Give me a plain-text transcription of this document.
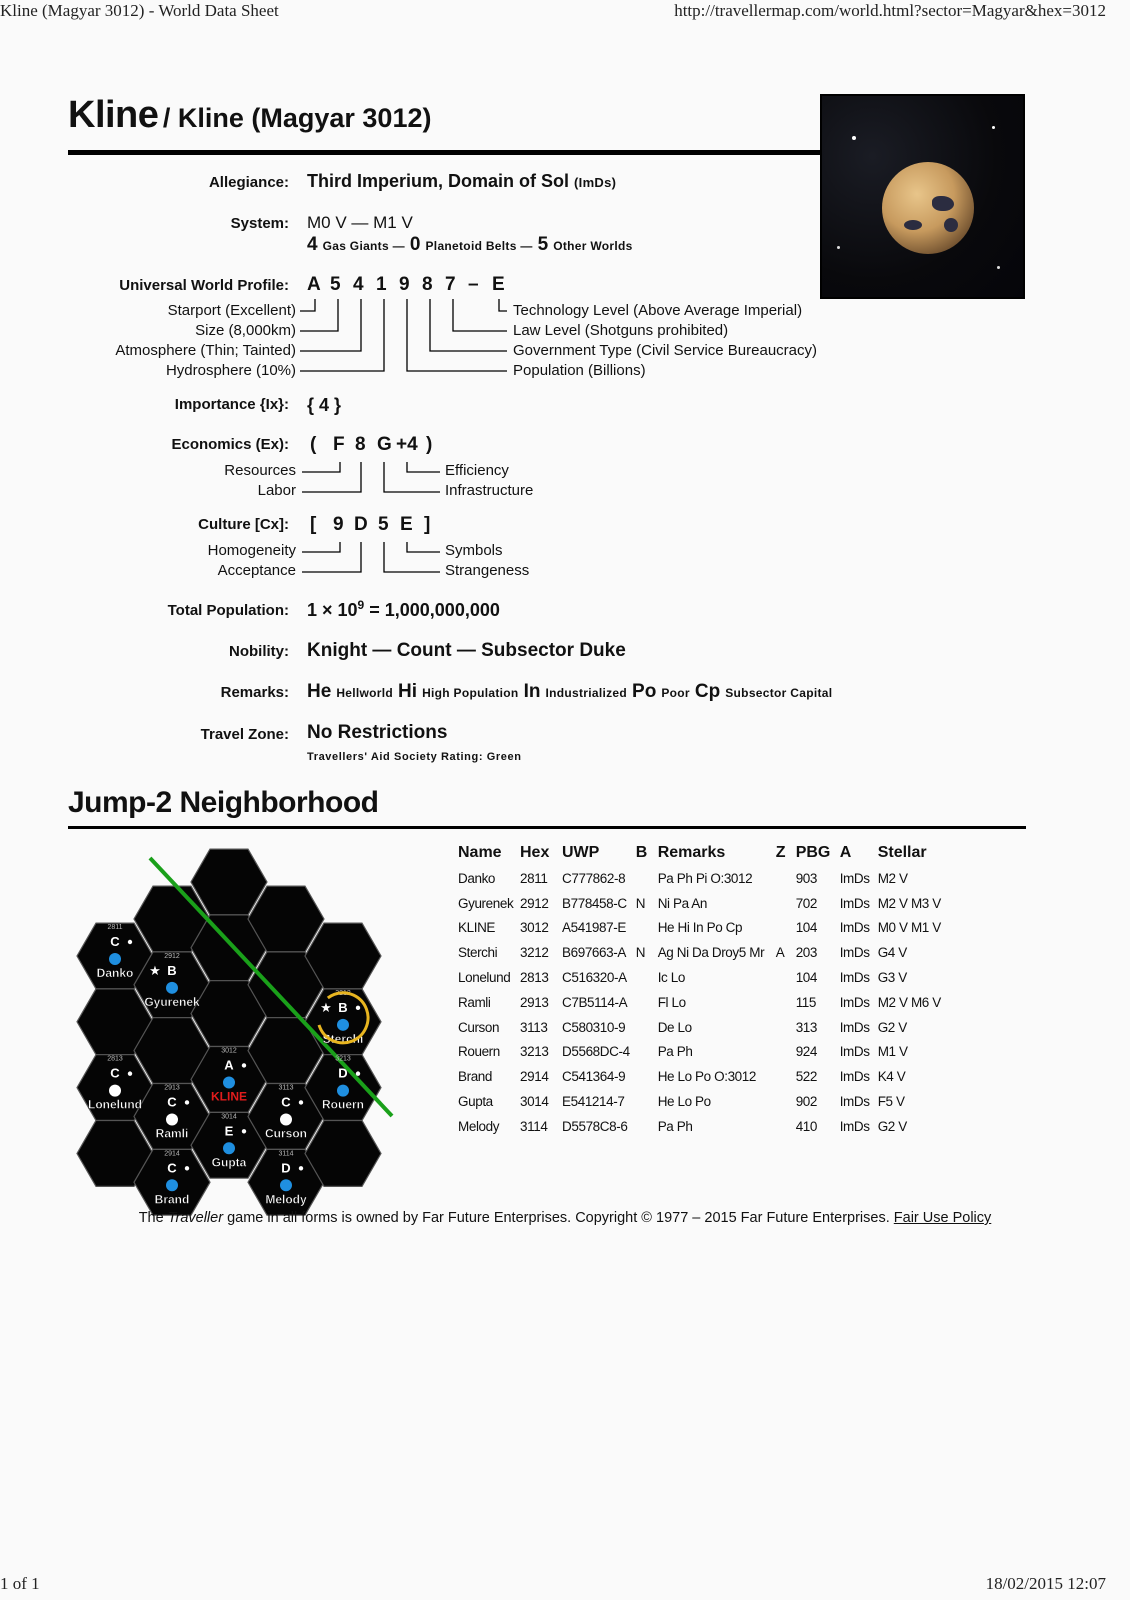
Kline (Magyar 3012) - World Data Sheet	http://travellermap.com/world.html?sector=Magyar&hex=3012
1 of 1	18/02/2015 12:07
Kline / Kline (Magyar 3012)
Allegiance: Third Imperium, Domain of Sol (ImDs)
System: M0 V — M1 V
4 Gas Giants — 0 Planetoid Belts — 5 Other Worlds
Universal World Profile: A 5 4 1 9 8 7 – E
Starport (Excellent)
Size (8,000km)
Atmosphere (Thin; Tainted)
Hydrosphere (10%)
Technology Level (Above Average Imperial)
Law Level (Shotguns prohibited)
Government Type (Civil Service Bureaucracy)
Population (Billions)
Importance {Ix}: { 4 }
Economics (Ex): ( F 8 G +4 )
Resources
Labor
Efficiency
Infrastructure
Culture [Cx]: [ 9 D 5 E ]
Homogeneity
Acceptance
Symbols
Strangeness
Total Population: $1 \times 10^9 = 1,000,000,000$
Nobility: Knight — Count — Subsector Duke
Remarks: He Hellworld Hi High Population In Industrialized Po Poor Cp Subsector Capital
Travel Zone: No Restrictions
Travellers' Aid Society Rating: Green
Jump-2 Neighborhood
2811
C
Danko
2912
B
★
Gyurenek
2813
C
Lonelund
2913
C
Ramli
2914
C
Brand
3012
A
KLINE
3014
E
Gupta
3113
C
Curson
3114
D
Melody
3212
B
★
Sterchi
3213
D
Rouern
Name	Hex	UWP	B	Remarks	Z	PBG	A	Stellar
Danko	2811	C777862-8		Pa Ph Pi O:3012		903	ImDs	M2 V
Gyurenek	2912	B778458-C	N	Ni Pa An		702	ImDs	M2 V M3 V
KLINE	3012	A541987-E		He Hi In Po Cp		104	ImDs	M0 V M1 V
Sterchi	3212	B697663-A	N	Ag Ni Da Droy5 Mr	A	203	ImDs	G4 V
Lonelund	2813	C516320-A		Ic Lo		104	ImDs	G3 V
Ramli	2913	C7B5114-A		Fl Lo		115	ImDs	M2 V M6 V
Curson	3113	C580310-9		De Lo		313	ImDs	G2 V
Rouern	3213	D5568DC-4		Pa Ph		924	ImDs	M1 V
Brand	2914	C541364-9		He Lo Po O:3012		522	ImDs	K4 V
Gupta	3014	E541214-7		He Lo Po		902	ImDs	F5 V
Melody	3114	D5578C8-6		Pa Ph		410	ImDs	G2 V
The Traveller game in all forms is owned by Far Future Enterprises. Copyright © 1977 – 2015 Far Future Enterprises. Fair Use Policy
